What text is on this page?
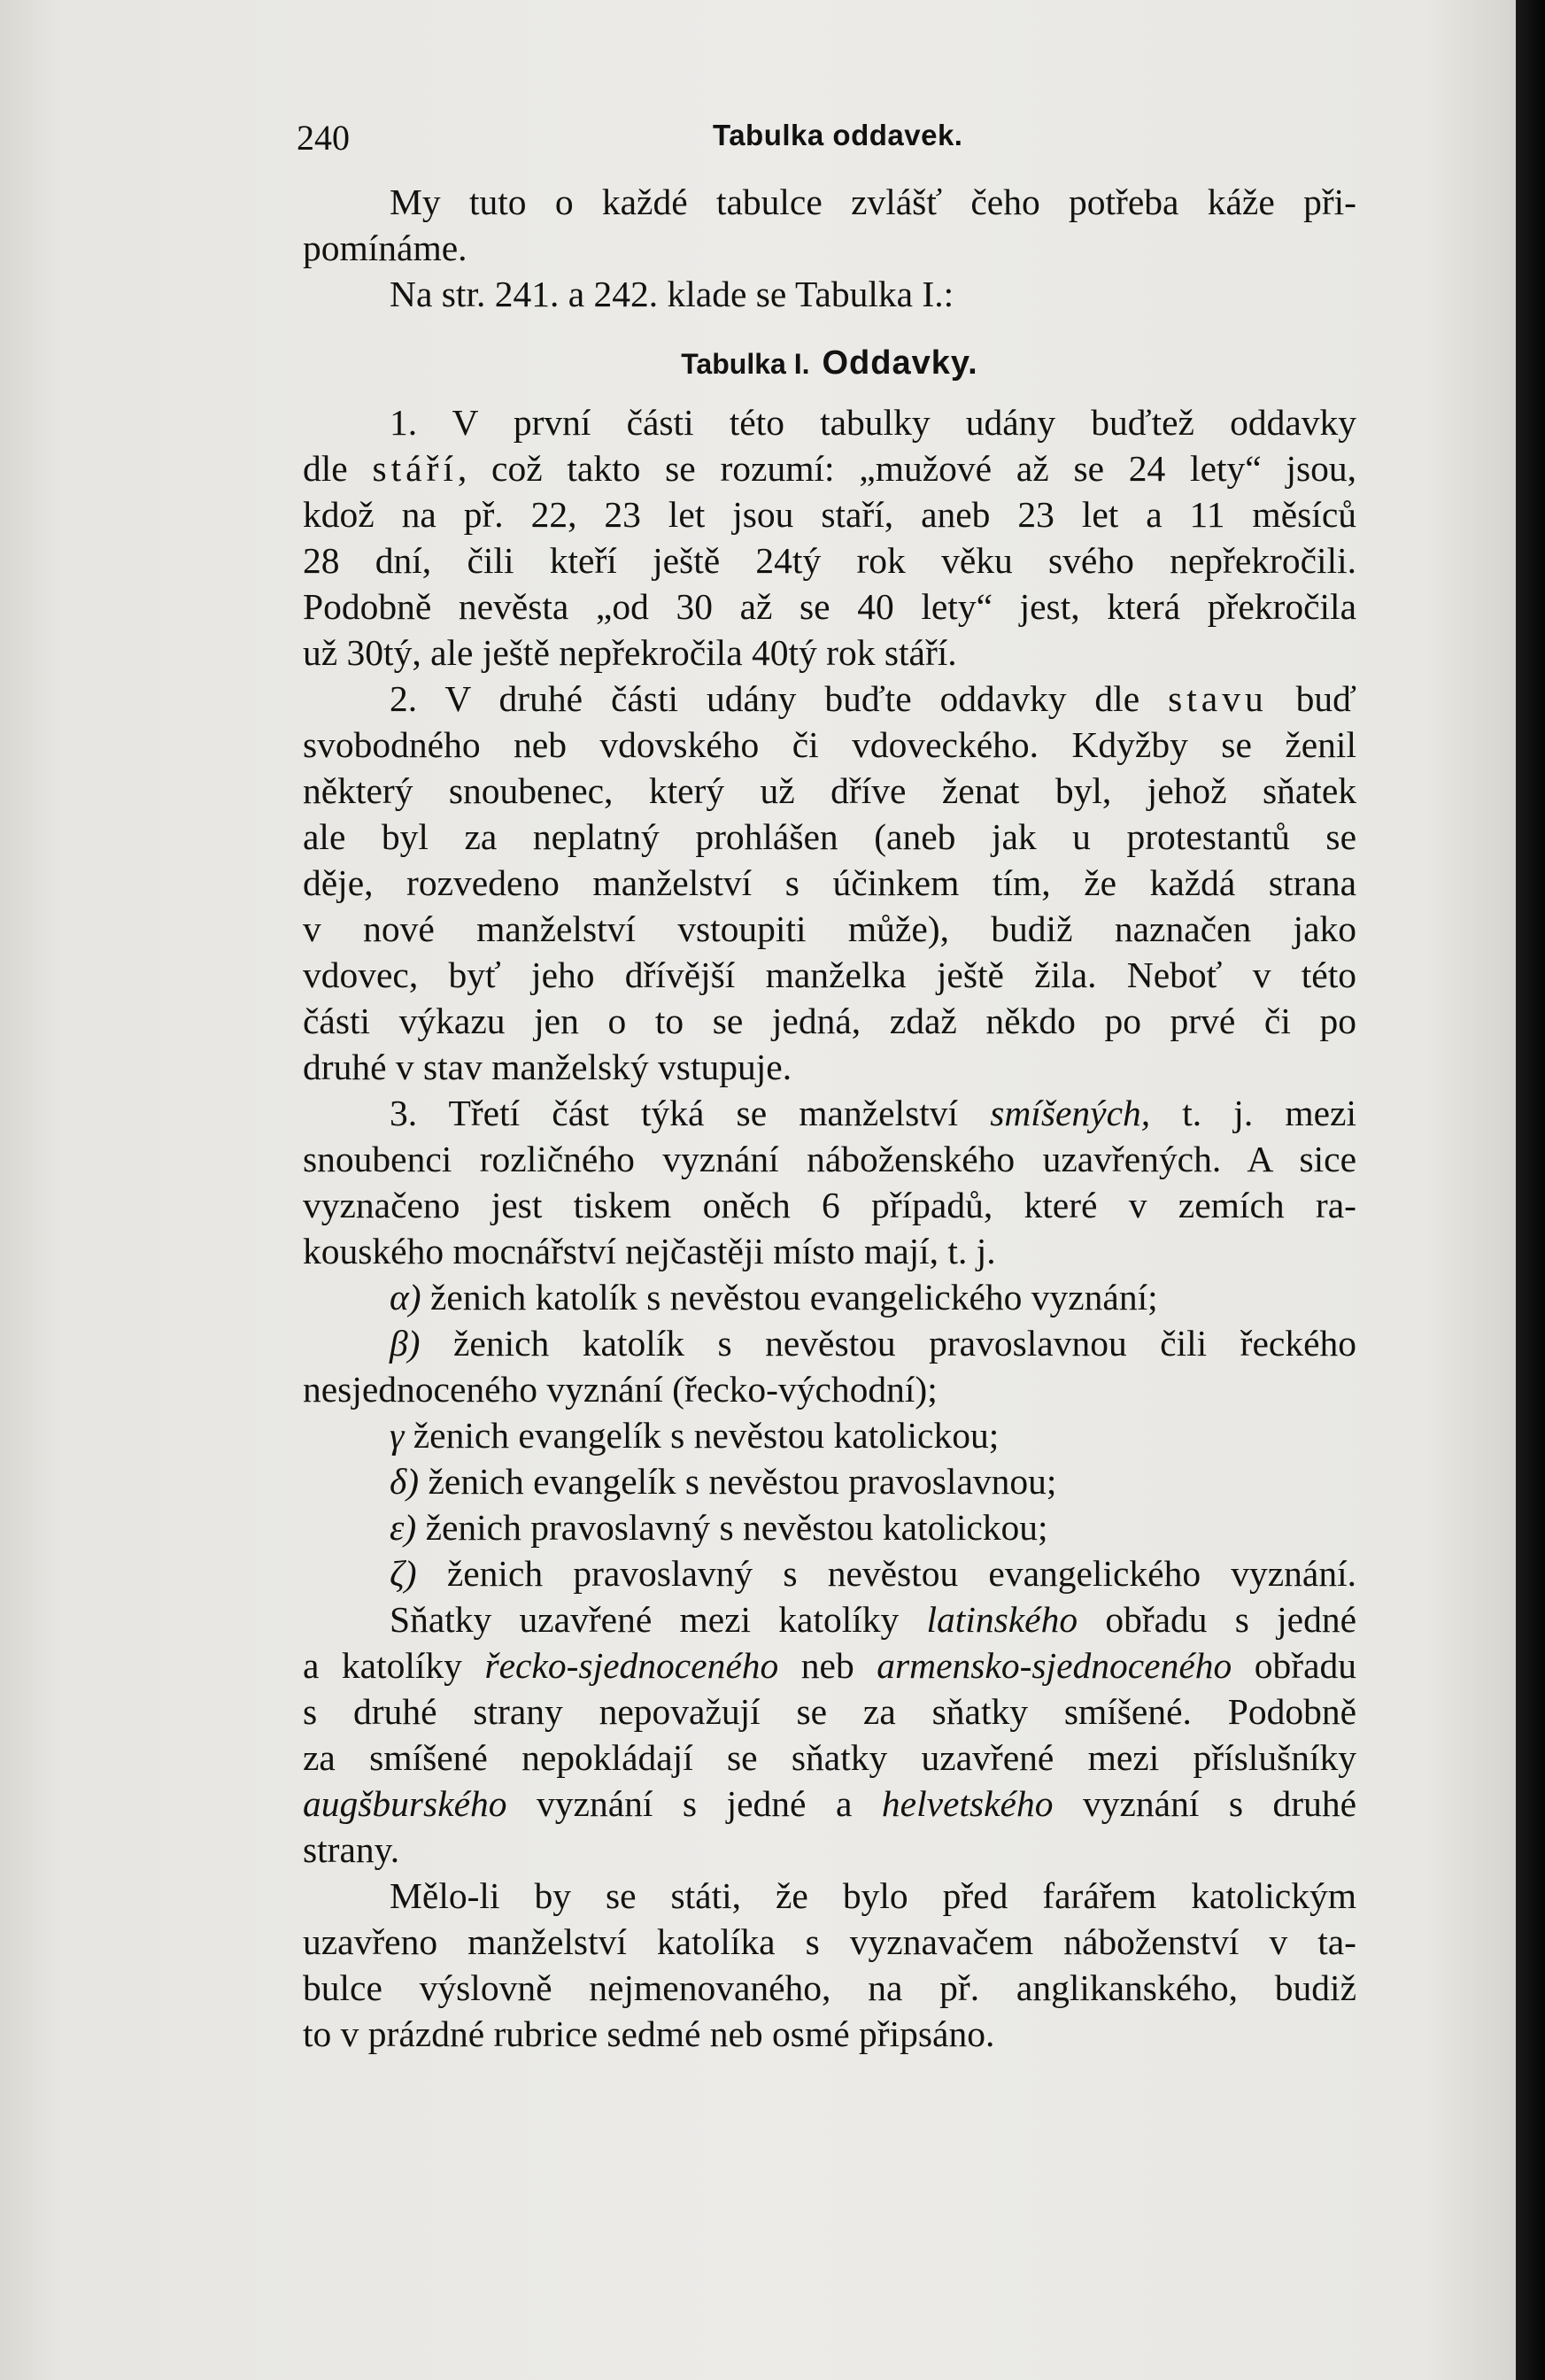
240	Tabulka oddavek.
My tuto o každé tabulce zvlášť čeho potřeba káže při-
pomínáme.
Na str. 241. a 242. klade se Tabulka I.:
Tabulka I. Oddavky.
1. V první části této tabulky udány buďtež oddavky
dle stáří, což takto se rozumí: „mužové až se 24 lety“ jsou,
kdož na př. 22, 23 let jsou staří, aneb 23 let a 11 měsíců
28 dní, čili kteří ještě 24tý rok věku svého nepřekročili.
Podobně nevěsta „od 30 až se 40 lety“ jest, která překročila
už 30tý, ale ještě nepřekročila 40tý rok stáří.
2. V druhé části udány buďte oddavky dle stavu buď
svobodného neb vdovského či vdoveckého. Kdyžby se ženil
některý snoubenec, který už dříve ženat byl, jehož sňatek
ale byl za neplatný prohlášen (aneb jak u protestantů se
děje, rozvedeno manželství s účinkem tím, že každá strana
v nové manželství vstoupiti může), budiž naznačen jako
vdovec, byť jeho dřívější manželka ještě žila. Neboť v této
části výkazu jen o to se jedná, zdaž někdo po prvé či po
druhé v stav manželský vstupuje.
3. Třetí část týká se manželství smíšených, t. j. mezi
snoubenci rozličného vyznání náboženského uzavřených. A sice
vyznačeno jest tiskem oněch 6 případů, které v zemích ra-
kouského mocnářství nejčastěji místo mají, t. j.
α) ženich katolík s nevěstou evangelického vyznání;
β) ženich katolík s nevěstou pravoslavnou čili řeckého
nesjednoceného vyznání (řecko-východní);
γ ženich evangelík s nevěstou katolickou;
δ) ženich evangelík s nevěstou pravoslavnou;
ε) ženich pravoslavný s nevěstou katolickou;
ζ) ženich pravoslavný s nevěstou evangelického vyznání.
Sňatky uzavřené mezi katolíky latinského obřadu s jedné
a katolíky řecko-sjednoceného neb armensko-sjednoceného obřadu
s druhé strany nepovažují se za sňatky smíšené. Podobně
za smíšené nepokládají se sňatky uzavřené mezi příslušníky
augšburského vyznání s jedné a helvetského vyznání s druhé
strany.
Mělo-li by se státi, že bylo před farářem katolickým
uzavřeno manželství katolíka s vyznavačem náboženství v ta-
bulce výslovně nejmenovaného, na př. anglikanského, budiž
to v prázdné rubrice sedmé neb osmé připsáno.
